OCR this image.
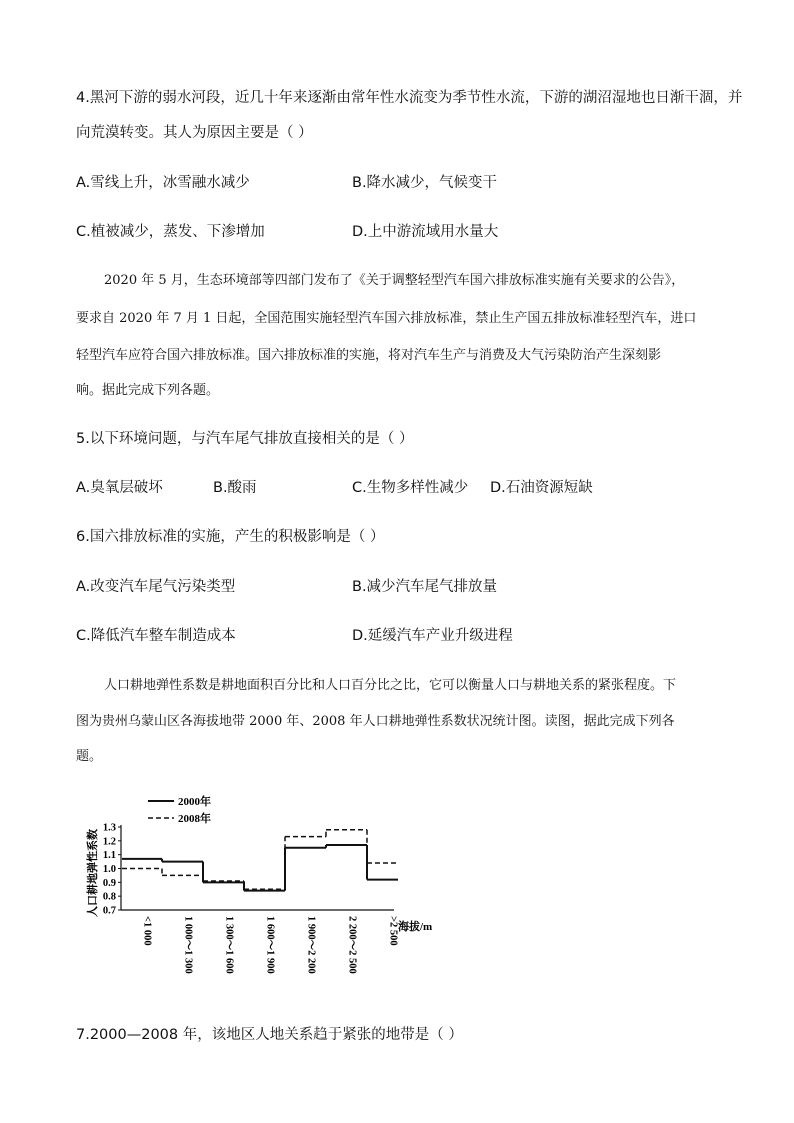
4.黑河下游的弱水河段，近几十年来逐渐由常年性水流变为季节性水流，下游的湖沼湿地也日渐干涸，并
向荒漠转变。其人为原因主要是（ ）
A.雪线上升，冰雪融水减少	B.降水减少，气候变干
C.植被减少，蒸发、下渗增加	D.上中游流域用水量大
2020 年 5 月，生态环境部等四部门发布了《关于调整轻型汽车国六排放标准实施有关要求的公告》，
要求自 2020 年 7 月 1 日起，全国范围实施轻型汽车国六排放标准，禁止生产国五排放标准轻型汽车，进口
轻型汽车应符合国六排放标准。国六排放标准的实施，将对汽车生产与消费及大气污染防治产生深刻影
响。据此完成下列各题。
5.以下环境问题，与汽车尾气排放直接相关的是（ ）
A.臭氧层破坏	B.酸雨	C.生物多样性减少 D.石油资源短缺
6.国六排放标准的实施，产生的积极影响是（ ）
A.改变汽车尾气污染类型	B.减少汽车尾气排放量
C.降低汽车整车制造成本	D.延缓汽车产业升级进程
人口耕地弹性系数是耕地面积百分比和人口百分比之比，它可以衡量人口与耕地关系的紧张程度。下
图为贵州乌蒙山区各海拔地带 2000 年、2008 年人口耕地弹性系数状况统计图。读图，据此完成下列各
题。
2000年
2008年
人口耕地弹性系数
海拔/m
1.3
1.2
1.1
1.0
0.9
0.8
0.7
<1 000	1 000～1 300	1 300～1 600	1 600～1 900	1 900～2 200	2 200～2 500	>2 500
7.2000—2008 年，该地区人地关系趋于紧张的地带是（ ）
